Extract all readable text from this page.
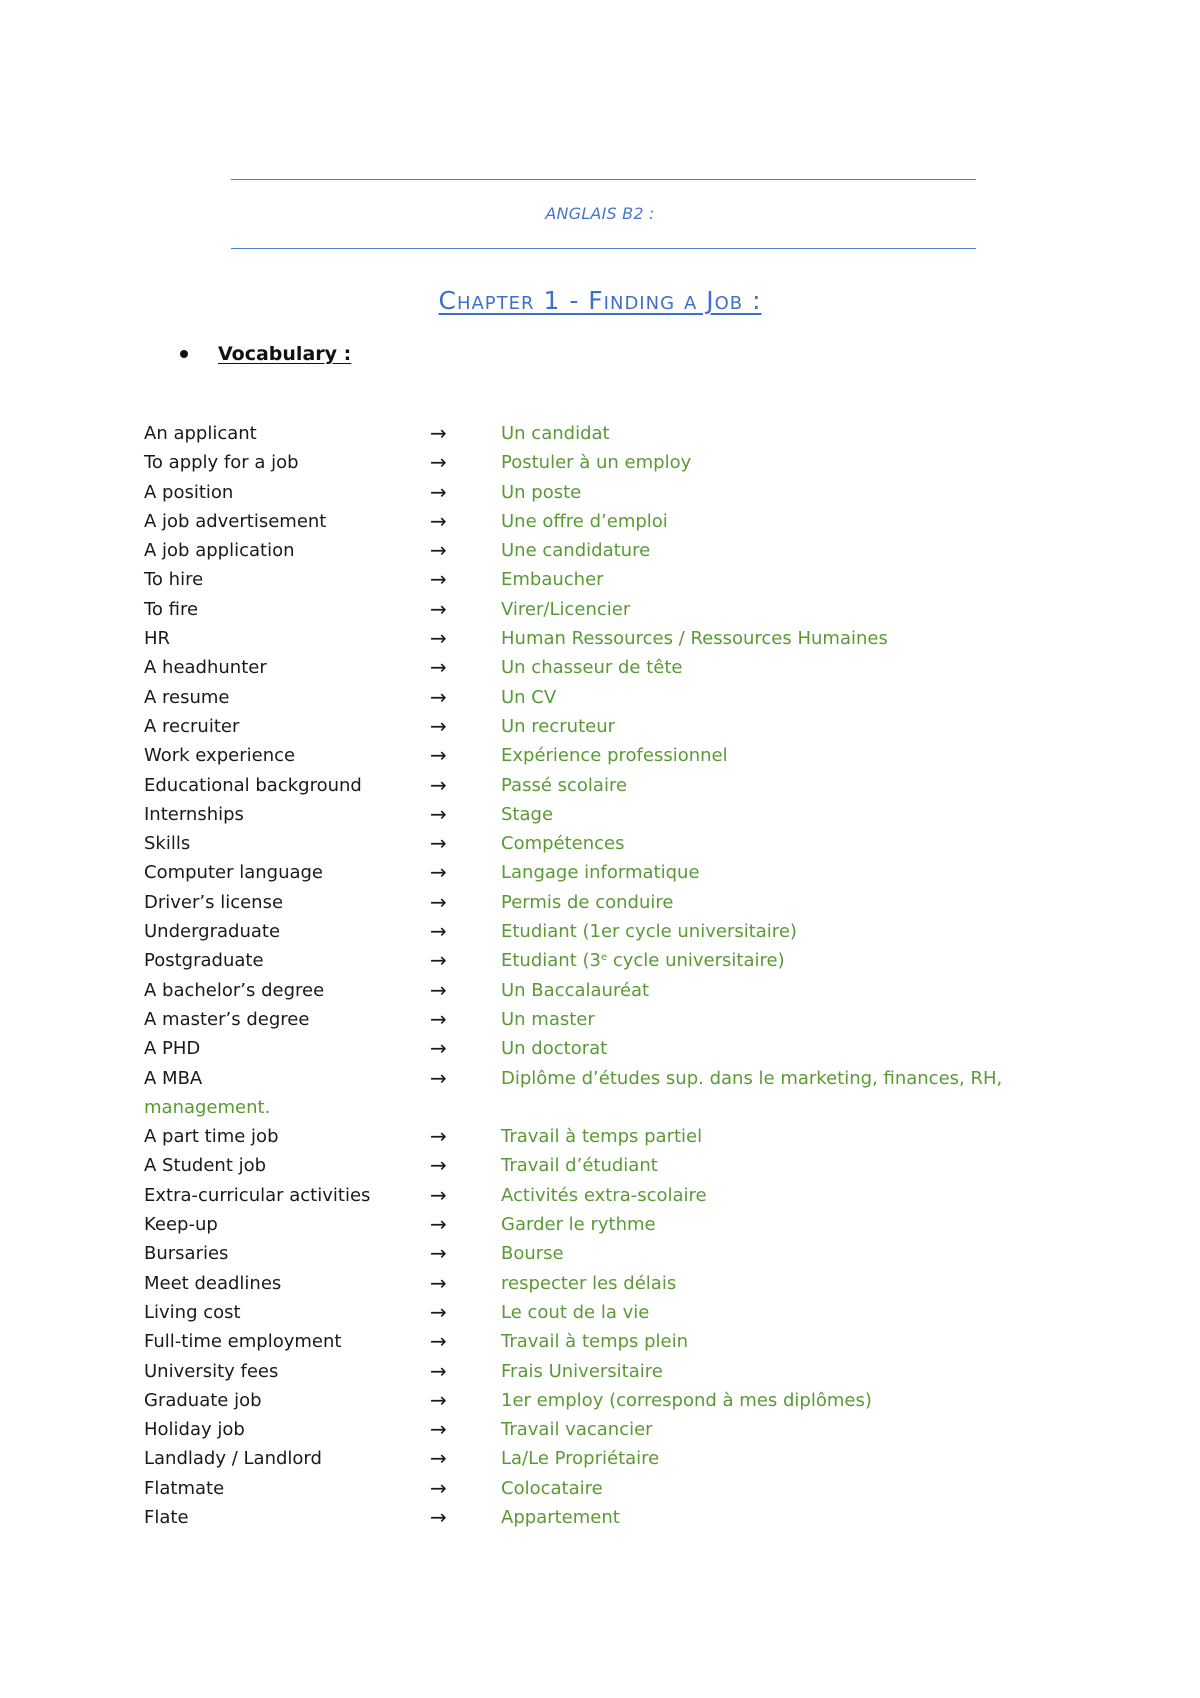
ANGLAIS B2 :
Chapter 1 - Finding a Job :
Vocabulary :
An applicant	→	Un candidat
To apply for a job	→	Postuler à un employ
A position	→	Un poste
A job advertisement	→	Une offre d’emploi
A job application	→	Une candidature
To hire	→	Embaucher
To fire	→	Virer/Licencier
HR	→	Human Ressources / Ressources Humaines
A headhunter	→	Un chasseur de tête
A resume	→	Un CV
A recruiter	→	Un recruteur
Work experience	→	Expérience professionnel
Educational background	→	Passé scolaire
Internships	→	Stage
Skills	→	Compétences
Computer language	→	Langage informatique
Driver’s license	→	Permis de conduire
Undergraduate	→	Etudiant (1er cycle universitaire)
Postgraduate	→	Etudiant (3e cycle universitaire)
A bachelor’s degree	→	Un Baccalauréat
A master’s degree	→	Un master
A PHD	→	Un doctorat
A MBA	→	Diplôme d’études sup. dans le marketing, finances, RH,
management.
A part time job	→	Travail à temps partiel
A Student job	→	Travail d’étudiant
Extra-curricular activities	→	Activités extra-scolaire
Keep-up	→	Garder le rythme
Bursaries	→	Bourse
Meet deadlines	→	respecter les délais
Living cost	→	Le cout de la vie
Full-time employment	→	Travail à temps plein
University fees	→	Frais Universitaire
Graduate job	→	1er employ (correspond à mes diplômes)
Holiday job	→	Travail vacancier
Landlady / Landlord	→	La/Le Propriétaire
Flatmate	→	Colocataire
Flate	→	Appartement
